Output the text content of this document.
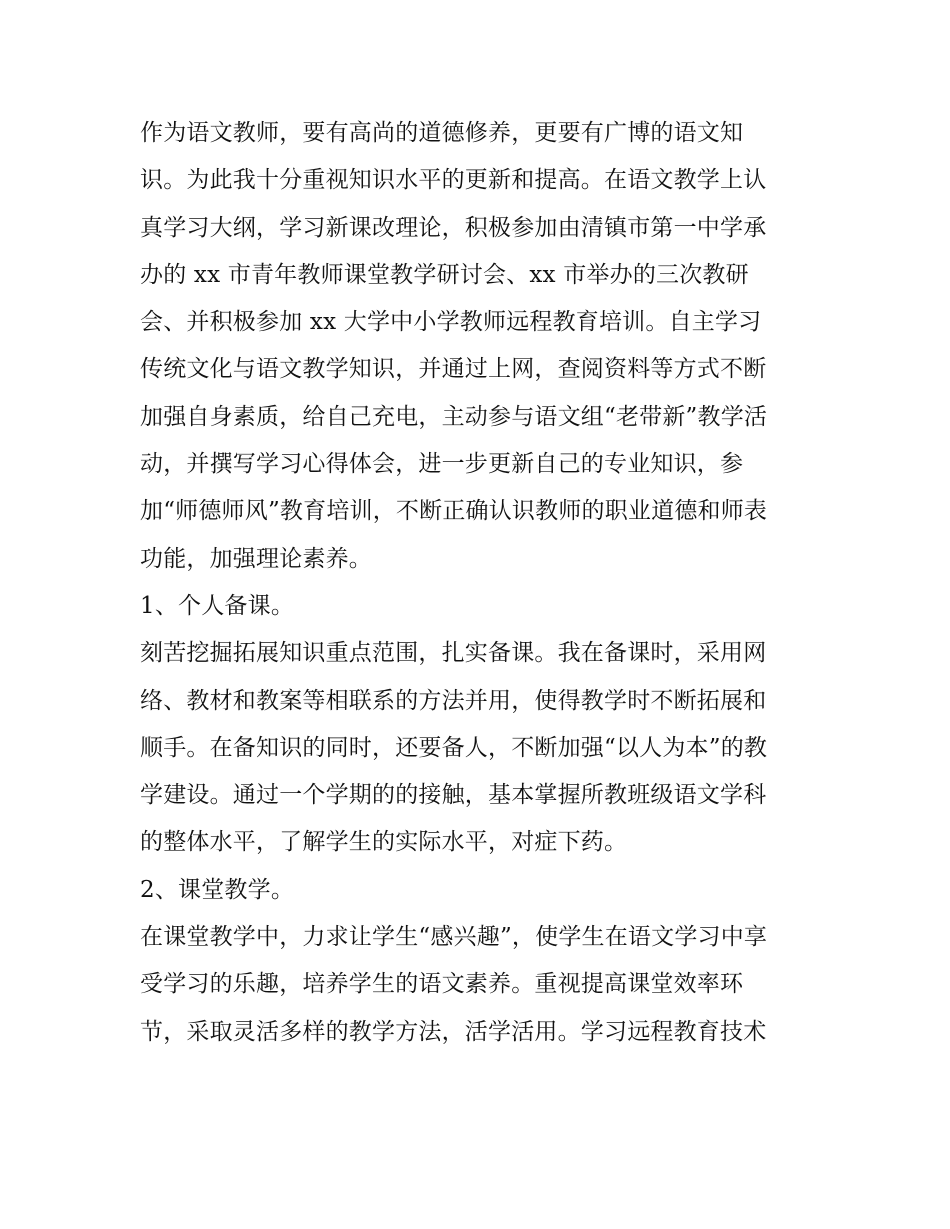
作为语文教师，要有高尚的道德修养，更要有广博的语文知
识。为此我十分重视知识水平的更新和提高。在语文教学上认
真学习大纲，学习新课改理论，积极参加由清镇市第一中学承
办的 xx 市青年教师课堂教学研讨会、xx 市举办的三次教研
会、并积极参加 xx 大学中小学教师远程教育培训。自主学习
传统文化与语文教学知识，并通过上网，查阅资料等方式不断
加强自身素质，给自己充电，主动参与语文组“老带新”教学活
动，并撰写学习心得体会，进一步更新自己的专业知识，参
加“师德师风”教育培训，不断正确认识教师的职业道德和师表
功能，加强理论素养。
1、个人备课。
刻苦挖掘拓展知识重点范围，扎实备课。我在备课时，采用网
络、教材和教案等相联系的方法并用，使得教学时不断拓展和
顺手。在备知识的同时，还要备人，不断加强“以人为本”的教
学建设。通过一个学期的的接触，基本掌握所教班级语文学科
的整体水平，了解学生的实际水平，对症下药。
2、课堂教学。
在课堂教学中，力求让学生“感兴趣”，使学生在语文学习中享
受学习的乐趣，培养学生的语文素养。重视提高课堂效率环
节，采取灵活多样的教学方法，活学活用。学习远程教育技术
